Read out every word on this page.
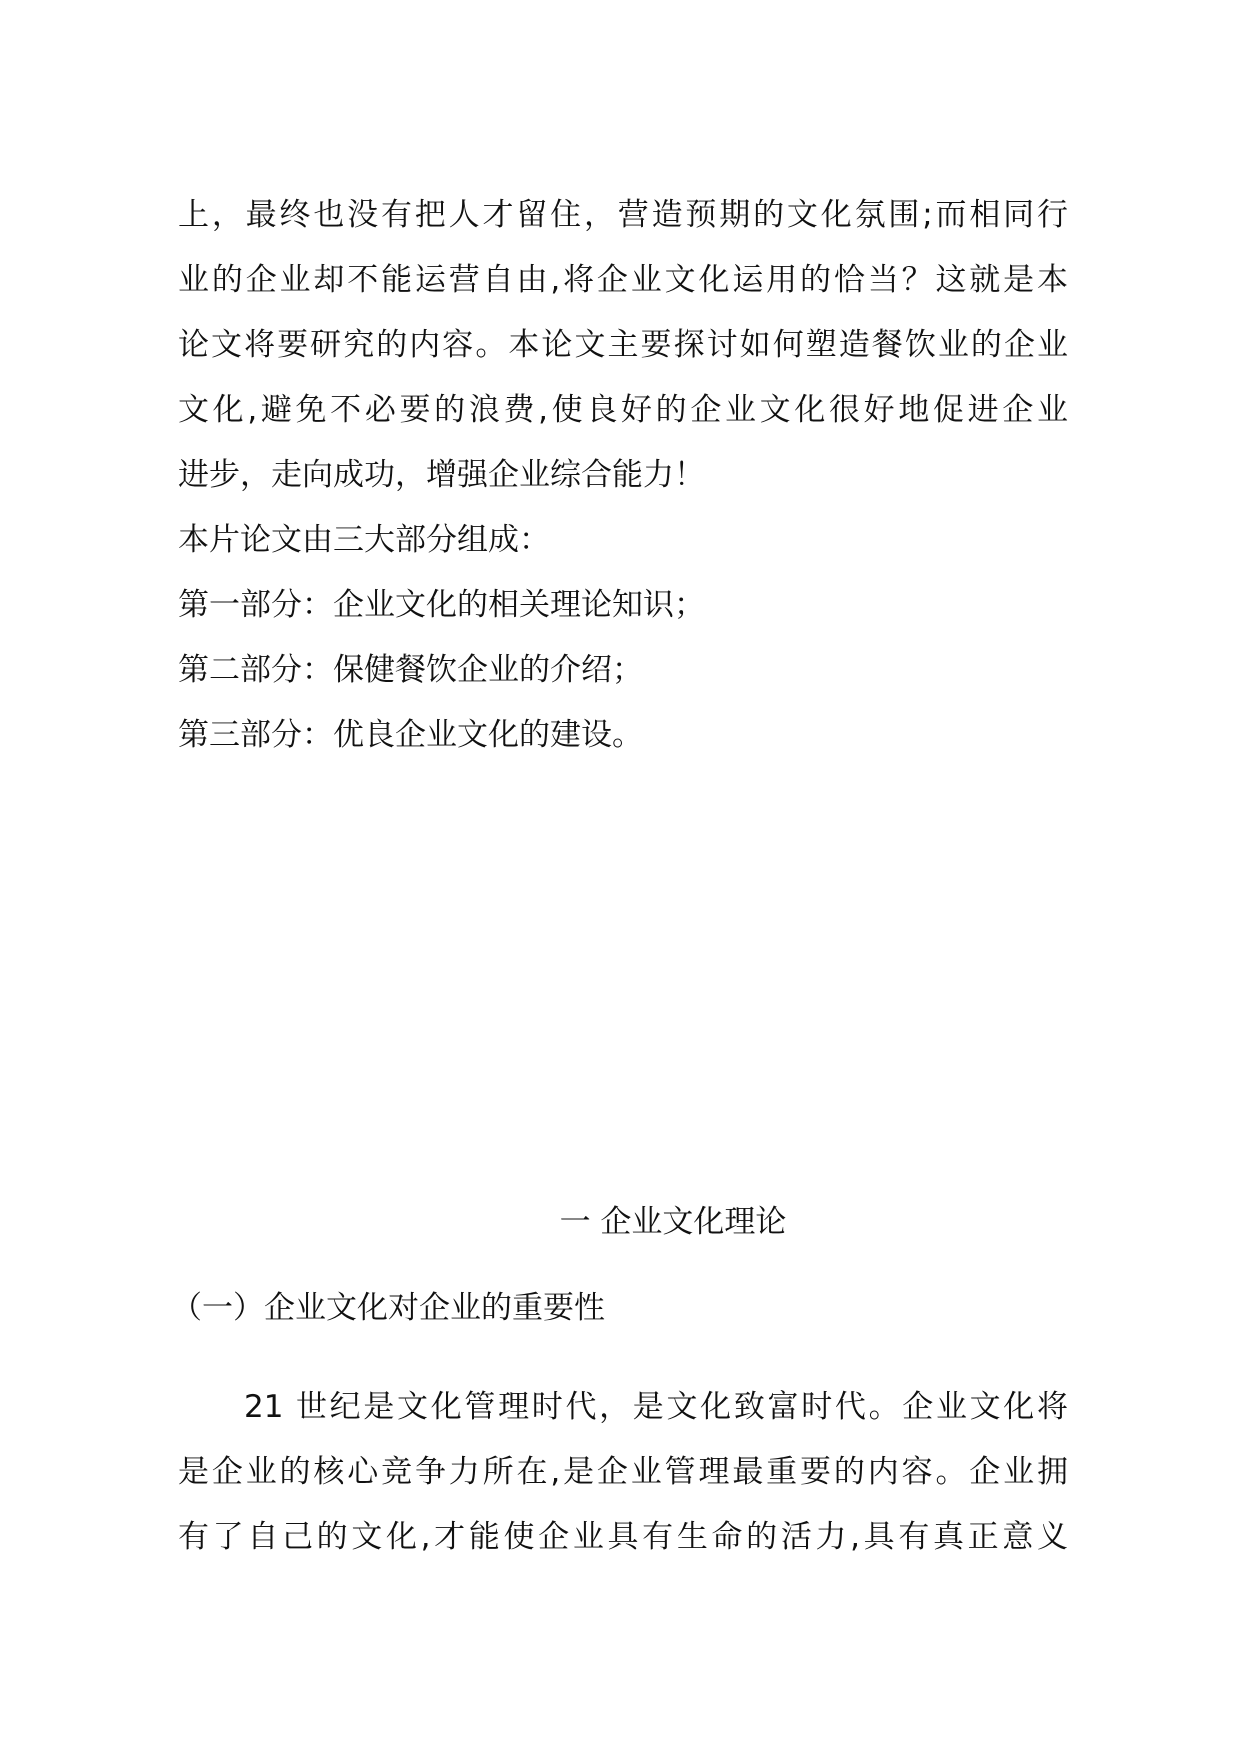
上，最终也没有把人才留住，营造预期的文化氛围;而相同行
业的企业却不能运营自由,将企业文化运用的恰当？这就是本
论文将要研究的内容。本论文主要探讨如何塑造餐饮业的企业
文化,避免不必要的浪费,使良好的企业文化很好地促进企业
进步，走向成功，增强企业综合能力！
本片论文由三大部分组成：
第一部分：企业文化的相关理论知识；
第二部分：保健餐饮企业的介绍；
第三部分：优良企业文化的建设。
一 企业文化理论
（一）企业文化对企业的重要性
21 世纪是文化管理时代，是文化致富时代。企业文化将
是企业的核心竞争力所在,是企业管理最重要的内容。企业拥
有了自己的文化,才能使企业具有生命的活力,具有真正意义
